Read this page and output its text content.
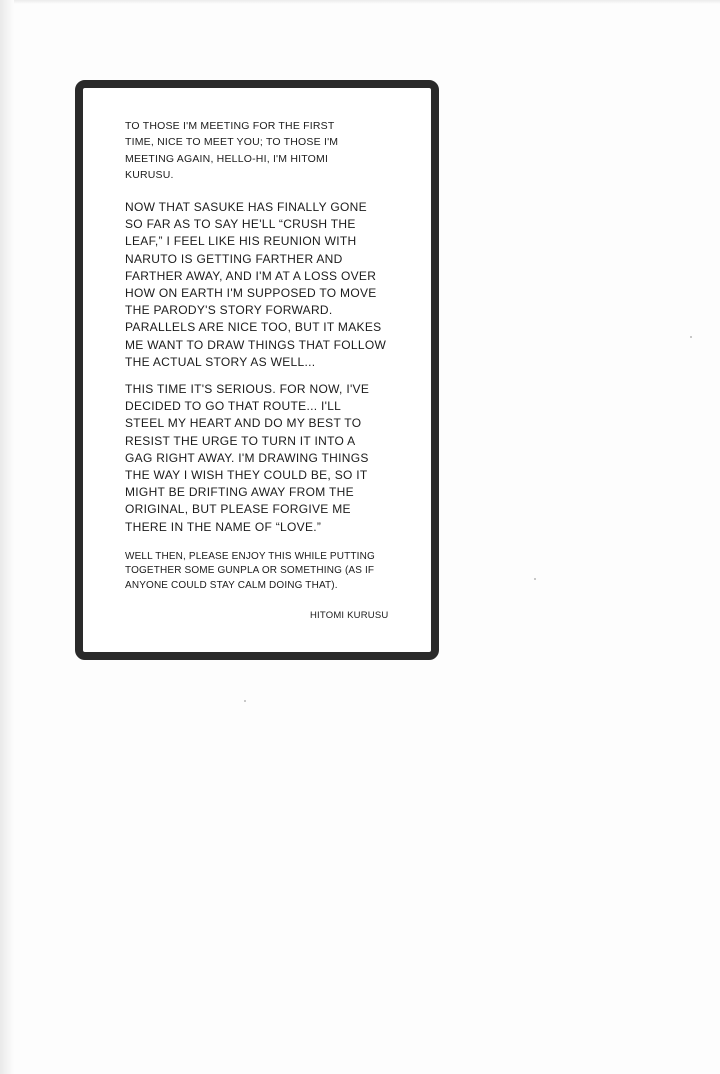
TO THOSE I'M MEETING FOR THE FIRST
TIME, NICE TO MEET YOU; TO THOSE I'M
MEETING AGAIN, HELLO-HI, I'M HITOMI
KURUSU.

NOW THAT SASUKE HAS FINALLY GONE
SO FAR AS TO SAY HE'LL “CRUSH THE
LEAF,” I FEEL LIKE HIS REUNION WITH
NARUTO IS GETTING FARTHER AND
FARTHER AWAY, AND I'M AT A LOSS OVER
HOW ON EARTH I'M SUPPOSED TO MOVE
THE PARODY'S STORY FORWARD.
PARALLELS ARE NICE TOO, BUT IT MAKES
ME WANT TO DRAW THINGS THAT FOLLOW
THE ACTUAL STORY AS WELL...

THIS TIME IT'S SERIOUS. FOR NOW, I'VE
DECIDED TO GO THAT ROUTE... I'LL
STEEL MY HEART AND DO MY BEST TO
RESIST THE URGE TO TURN IT INTO A
GAG RIGHT AWAY. I'M DRAWING THINGS
THE WAY I WISH THEY COULD BE, SO IT
MIGHT BE DRIFTING AWAY FROM THE
ORIGINAL, BUT PLEASE FORGIVE ME
THERE IN THE NAME OF “LOVE.”

WELL THEN, PLEASE ENJOY THIS WHILE PUTTING
TOGETHER SOME GUNPLA OR SOMETHING (AS IF
ANYONE COULD STAY CALM DOING THAT).

HITOMI KURUSU
